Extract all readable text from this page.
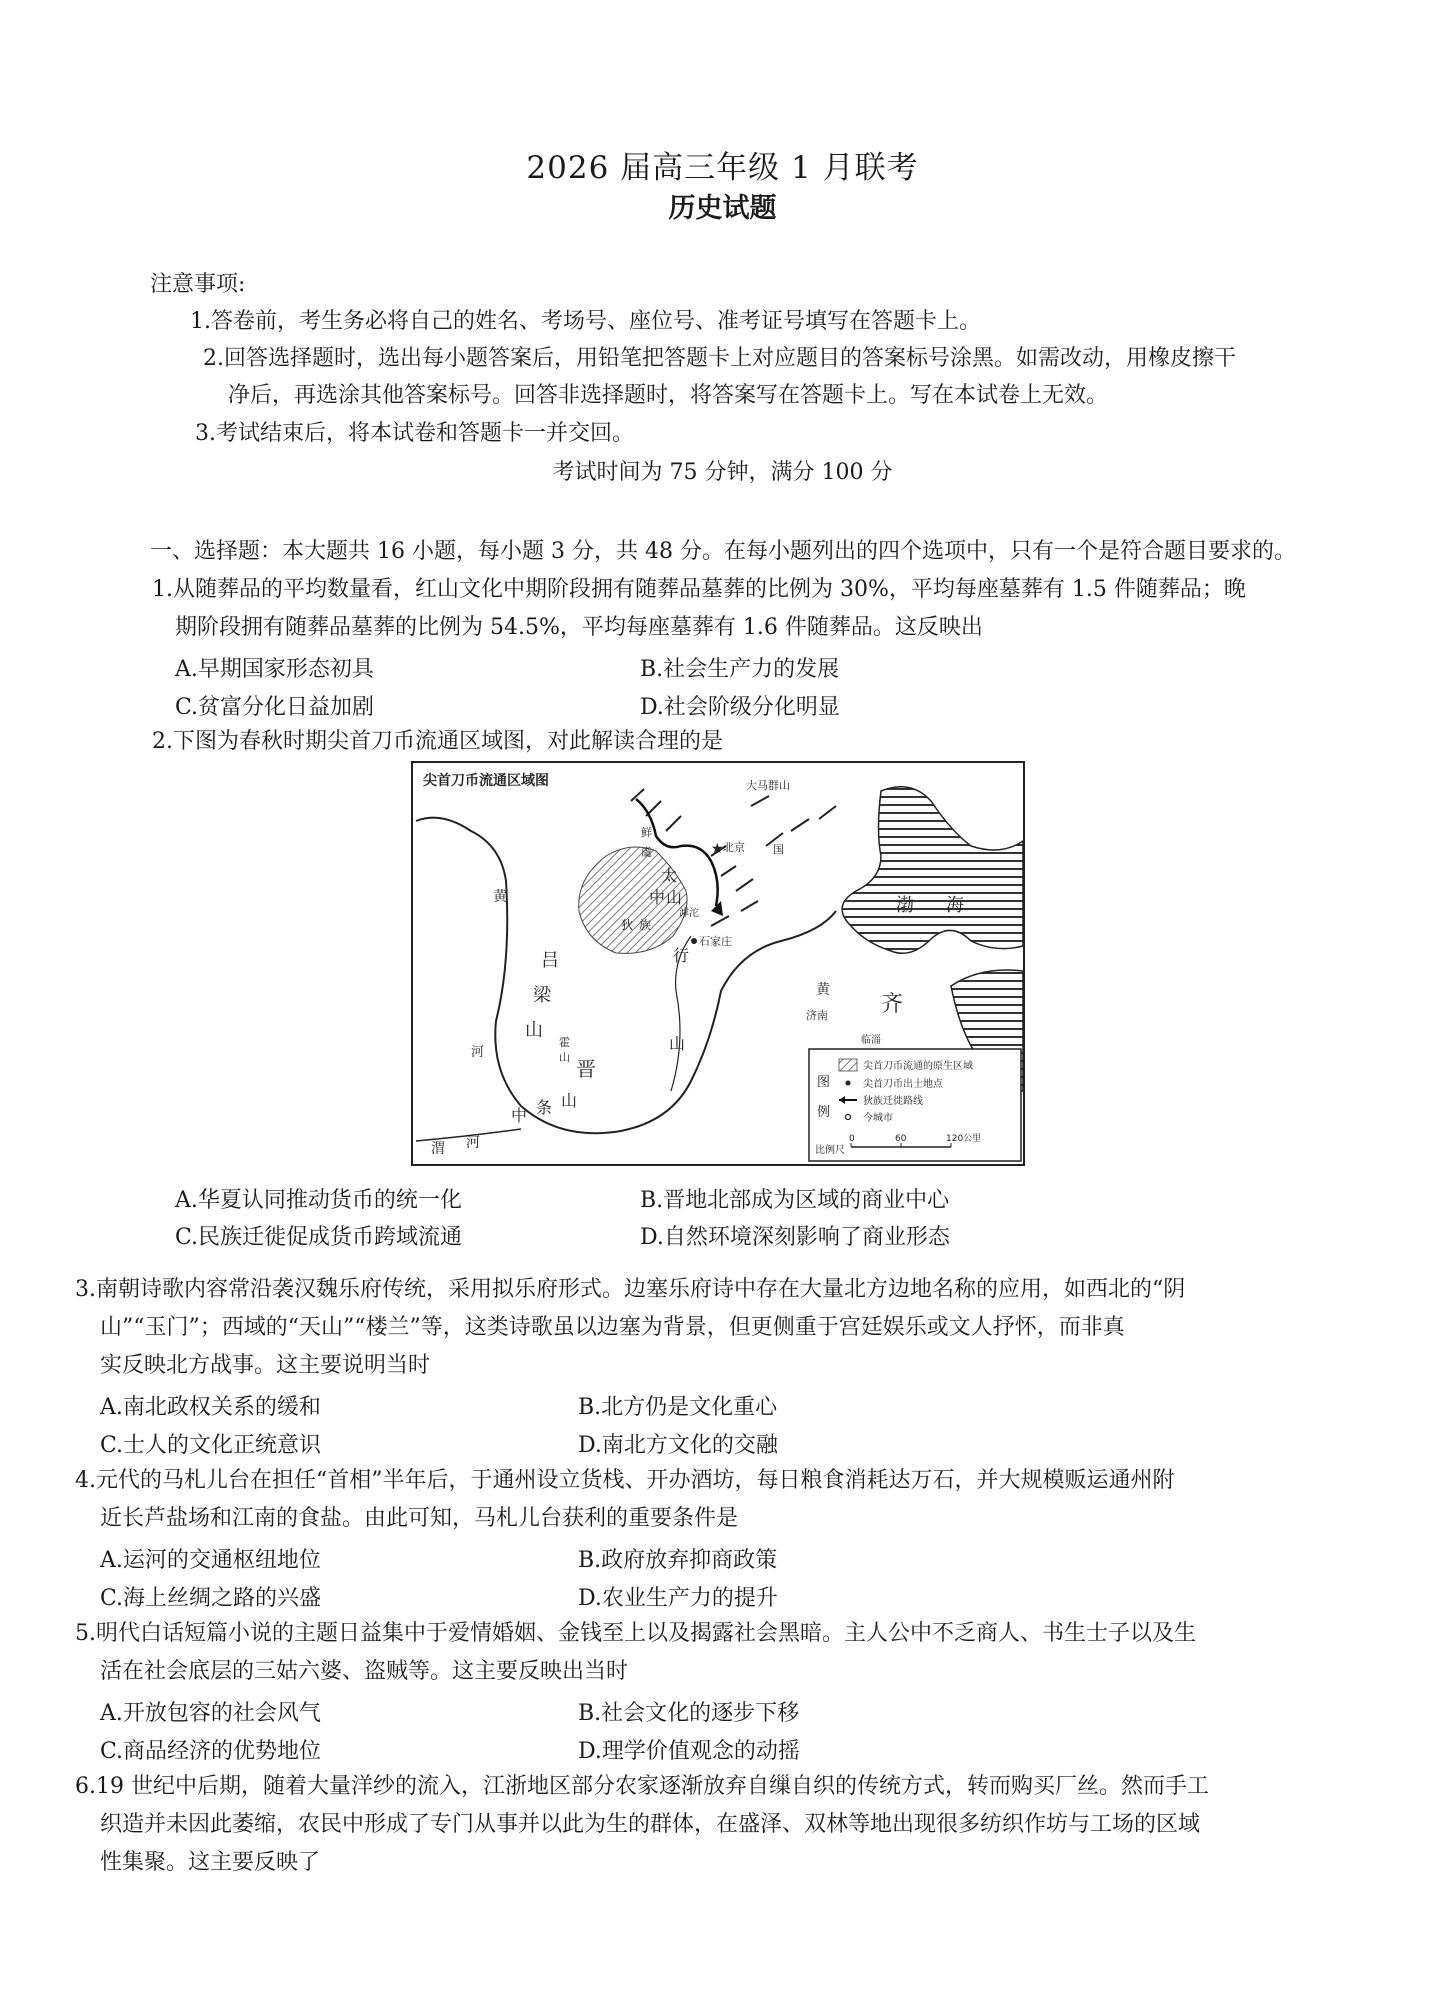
2026 届高三年级 1 月联考
历史试题
注意事项:
1.答卷前，考生务必将自己的姓名、考场号、座位号、准考证号填写在答题卡上。
2.回答选择题时，选出每小题答案后，用铅笔把答题卡上对应题目的答案标号涂黑。如需改动，用橡皮擦干
净后，再选涂其他答案标号。回答非选择题时，将答案写在答题卡上。写在本试卷上无效。
3.考试结束后，将本试卷和答题卡一并交回。
考试时间为 75 分钟，满分 100 分
一、选择题：本大题共 16 小题，每小题 3 分，共 48 分。在每小题列出的四个选项中，只有一个是符合题目要求的。
1.从随葬品的平均数量看，红山文化中期阶段拥有随葬品墓葬的比例为 30%，平均每座墓葬有 1.5 件随葬品；晚
期阶段拥有随葬品墓葬的比例为 54.5%，平均每座墓葬有 1.6 件随葬品。这反映出
A.早期国家形态初具	B.社会生产力的发展
C.贫富分化日益加剧	D.社会阶级分化明显
2.下图为春秋时期尖首刀币流通区域图，对此解读合理的是
尖首刀币流通区域图
★ 北京
石家庄
济南
临淄
大马群山
渤 海
齐
太
行
山
中 山
吕
梁
山
晋
中 条 山
黄
河
黄
渭 河
狄 族
霍
山
滹沱
鲜
虞	国
图
例
尖首刀币流通的原生区域
尖首刀币出土地点
狄族迁徙路线
今城市
比例尺
0	60	120公里
A.华夏认同推动货币的统一化	B.晋地北部成为区域的商业中心
C.民族迁徙促成货币跨域流通	D.自然环境深刻影响了商业形态
3.南朝诗歌内容常沿袭汉魏乐府传统，采用拟乐府形式。边塞乐府诗中存在大量北方边地名称的应用，如西北的“阴
山”“玉门”；西域的“天山”“楼兰”等，这类诗歌虽以边塞为背景，但更侧重于宫廷娱乐或文人抒怀，而非真
实反映北方战事。这主要说明当时
A.南北政权关系的缓和	B.北方仍是文化重心
C.士人的文化正统意识	D.南北方文化的交融
4.元代的马札儿台在担任“首相”半年后，于通州设立货栈、开办酒坊，每日粮食消耗达万石，并大规模贩运通州附
近长芦盐场和江南的食盐。由此可知，马札儿台获利的重要条件是
A.运河的交通枢纽地位	B.政府放弃抑商政策
C.海上丝绸之路的兴盛	D.农业生产力的提升
5.明代白话短篇小说的主题日益集中于爱情婚姻、金钱至上以及揭露社会黑暗。主人公中不乏商人、书生士子以及生
活在社会底层的三姑六婆、盗贼等。这主要反映出当时
A.开放包容的社会风气	B.社会文化的逐步下移
C.商品经济的优势地位	D.理学价值观念的动摇
6.19 世纪中后期，随着大量洋纱的流入，江浙地区部分农家逐渐放弃自缫自织的传统方式，转而购买厂丝。然而手工
织造并未因此萎缩，农民中形成了专门从事并以此为生的群体，在盛泽、双林等地出现很多纺织作坊与工场的区域
性集聚。这主要反映了
